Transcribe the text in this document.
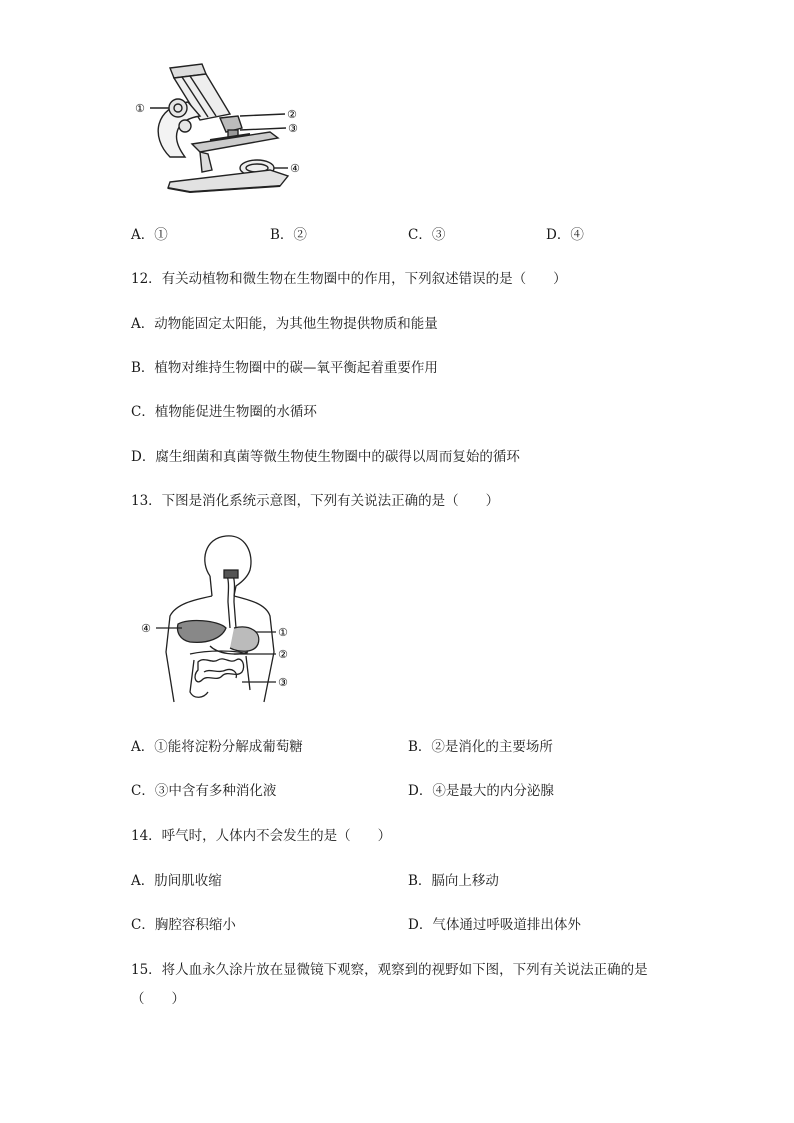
①	②
③
④
A．①	B．②	C．③	D．④
12．有关动植物和微生物在生物圈中的作用，下列叙述错误的是（　　）
A．动物能固定太阳能，为其他生物提供物质和能量
B．植物对维持生物圈中的碳—氧平衡起着重要作用
C．植物能促进生物圈的水循环
D．腐生细菌和真菌等微生物使生物圈中的碳得以周而复始的循环
13．下图是消化系统示意图，下列有关说法正确的是（　　）
④	①
②
③
A．①能将淀粉分解成葡萄糖	B．②是消化的主要场所
C．③中含有多种消化液	D．④是最大的内分泌腺
14．呼气时，人体内不会发生的是（　　）
A．肋间肌收缩	B．膈向上移动
C．胸腔容积缩小	D．气体通过呼吸道排出体外
15．将人血永久涂片放在显微镜下观察，观察到的视野如下图，下列有关说法正确的是
（　　）
